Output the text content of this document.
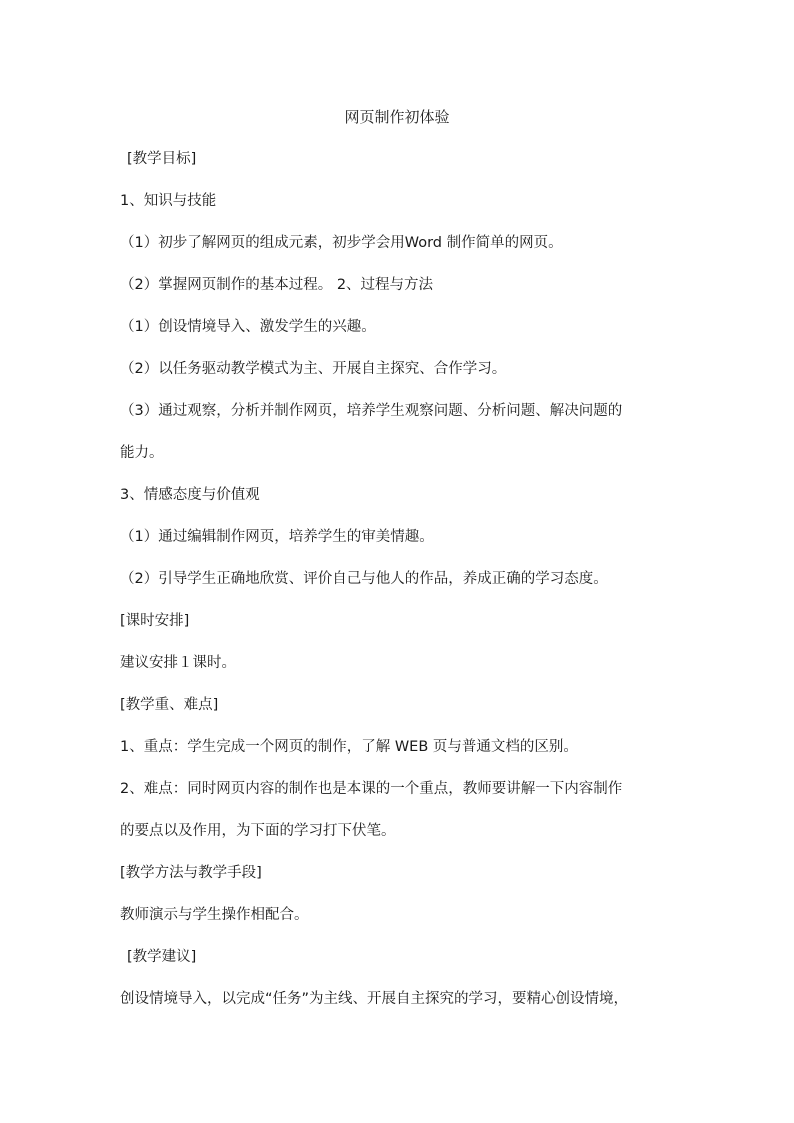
网页制作初体验
[教学目标]
1、知识与技能
（1）初步了解网页的组成元素，初步学会用Word 制作简单的网页。
（2）掌握网页制作的基本过程。 2、过程与方法
（1）创设情境导入、激发学生的兴趣。
（2）以任务驱动教学模式为主、开展自主探究、合作学习。
（3）通过观察，分析并制作网页，培养学生观察问题、分析问题、解决问题的
能力。
3、情感态度与价值观
（1）通过编辑制作网页，培养学生的审美情趣。
（2）引导学生正确地欣赏、评价自己与他人的作品，养成正确的学习态度。
[课时安排]
建议安排１课时。
[教学重、难点]
1、重点：学生完成一个网页的制作，了解 WEB 页与普通文档的区别。
2、难点：同时网页内容的制作也是本课的一个重点，教师要讲解一下内容制作
的要点以及作用，为下面的学习打下伏笔。
[教学方法与教学手段]
教师演示与学生操作相配合。
[教学建议]
创设情境导入，以完成“任务”为主线、开展自主探究的学习，要精心创设情境，
